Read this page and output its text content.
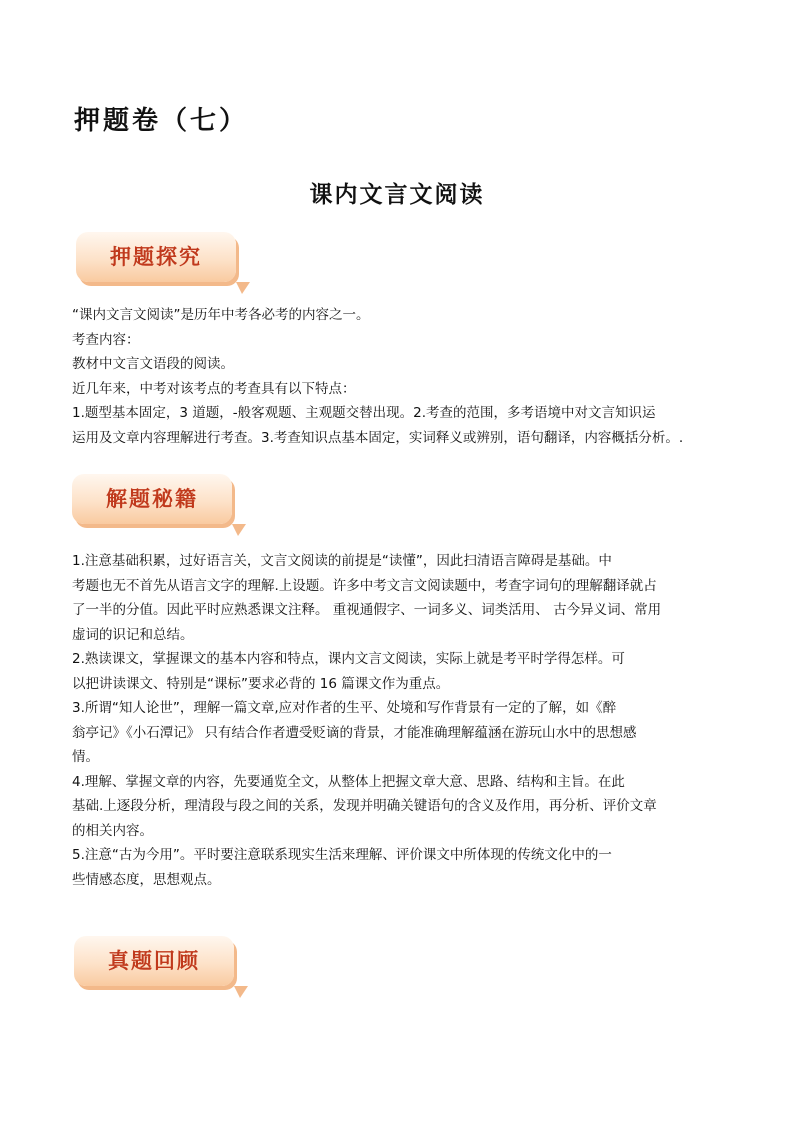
押题卷（七）
课内文言文阅读
押题探究
“课内文言文阅读”是历年中考各必考的内容之一。
考查内容：
教材中文言文语段的阅读。
近几年来，中考对该考点的考查具有以下特点：
1.题型基本固定，3 道题，-般客观题、主观题交替出现。2.考查的范围，多考语境中对文言知识运
运用及文章内容理解进行考查。3.考查知识点基本固定，实词释义或辨别，语句翻译，内容概括分析。.
解题秘籍
1.注意基础积累，过好语言关，文言文阅读的前提是“读懂”，因此扫清语言障碍是基础。中
考题也无不首先从语言文字的理解.上设题。许多中考文言文阅读题中，考查字词句的理解翻译就占
了一半的分值。因此平时应熟悉课文注释。 重视通假字、一词多义、词类活用、 古今异义词、常用
虚词的识记和总结。
2.熟读课文，掌握课文的基本内容和特点，课内文言文阅读，实际上就是考平时学得怎样。可
以把讲读课文、特别是“课标”要求必背的 16 篇课文作为重点。
3.所谓“知人论世”，理解一篇文章,应对作者的生平、处境和写作背景有一定的了解，如《醉
翁亭记》《小石潭记》 只有结合作者遭受贬谪的背景，才能准确理解蕴涵在游玩山水中的思想感
情。
4.理解、掌握文章的内容，先要通览全文，从整体上把握文章大意、思路、结构和主旨。在此
基础.上逐段分析，理清段与段之间的关系，发现并明确关键语句的含义及作用，再分析、评价文章
的相关内容。
5.注意“古为今用”。平时要注意联系现实生活来理解、评价课文中所体现的传统文化中的一
些情感态度，思想观点。
真题回顾
